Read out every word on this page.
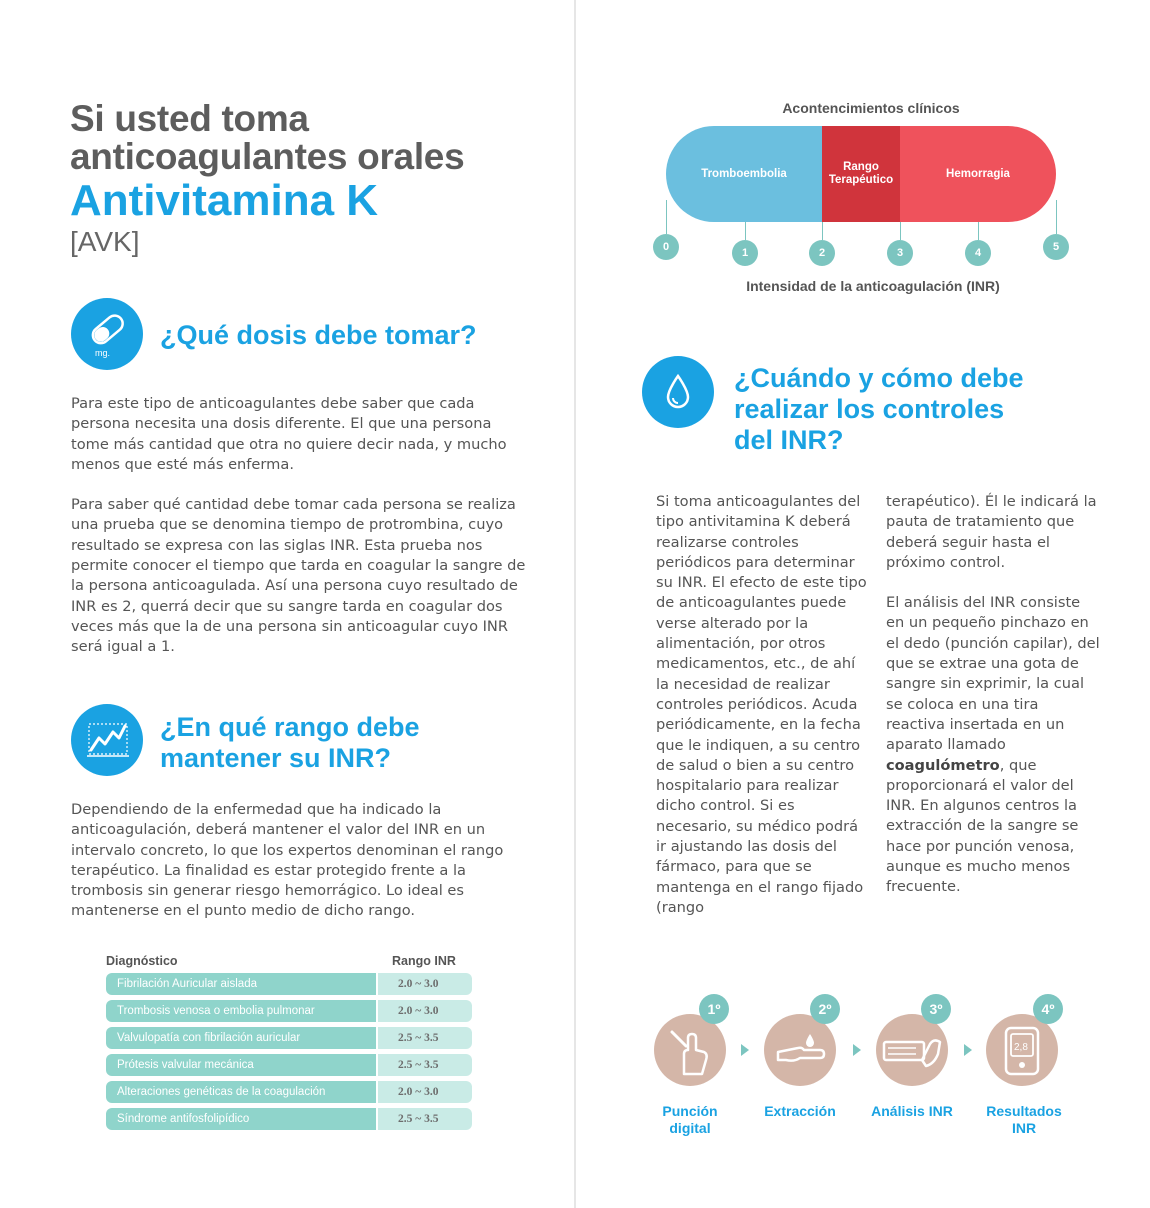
Si usted toma
anticoagulantes orales
Antivitamina K
[AVK]
mg.
¿Qué dosis debe tomar?

Para este tipo de anticoagulantes debe saber que cada persona necesita una dosis diferente. El que una persona tome más cantidad que otra no quiere decir nada, y mucho menos que esté más enferma.

Para saber qué cantidad debe tomar cada persona se realiza una prueba que se denomina tiempo de protrombina, cuyo resultado se expresa con las siglas INR. Esta prueba nos permite conocer el tiempo que tarda en coagular la sangre de la persona anticoagulada. Así una persona cuyo resultado de INR es 2, querrá decir que su sangre tarda en coagular dos veces más que la de una persona sin anticoagular cuyo INR será igual a 1.

¿En qué rango debe
mantener su INR?
Dependiendo de la enfermedad que ha indicado la anticoagulación, deberá mantener el valor del INR en un intervalo concreto, lo que los expertos denominan el rango terapéutico. La finalidad es estar protegido frente a la trombosis sin generar riesgo hemorrágico. Lo ideal es mantenerse en el punto medio de dicho rango.
Diagnóstico	Rango INR
Fibrilación Auricular aislada	2.0 ~ 3.0
Trombosis venosa o embolia pulmonar	2.0 ~ 3.0
Valvulopatía con fibrilación auricular	2.5 ~ 3.5
Prótesis valvular mecánica	2.5 ~ 3.5
Alteraciones genéticas de la coagulación	2.0 ~ 3.0
Síndrome antifosfolipídico	2.5 ~ 3.5
Acontencimientos clínicos
Tromboembolia
Rango
Terapéutico
Hemorragia
0	1	2	3	4	5
Intensidad de la anticoagulación (INR)
¿Cuándo y cómo debe
realizar los controles
del INR?

Si toma anticoagulantes del tipo antivitamina K deberá realizarse controles periódicos para determinar su INR. El efecto de este tipo de anticoagulantes puede verse alterado por la alimentación, por otros medicamentos, etc., de ahí la necesidad de realizar controles periódicos. Acuda periódicamente, en la fecha que le indiquen, a su centro de salud o bien a su centro hospitalario para realizar dicho control. Si es necesario, su médico podrá ir ajustando las dosis del fármaco, para que se mantenga en el rango fijado (rango

terapéutico). Él le indicará la pauta de tratamiento que deberá seguir hasta el próximo control.

El análisis del INR consiste en un pequeño pinchazo en el dedo (punción capilar), del que se extrae una gota de sangre sin exprimir, la cual se coloca en una tira reactiva insertada en un aparato llamado coagulómetro, que proporcionará el valor del INR. En algunos centros la extracción de la sangre se hace por punción venosa, aunque es mucho menos frecuente.

2,8
1º	2º	3º	4º
Punción
digital
Extracción	Análisis INR	Resultados
INR
